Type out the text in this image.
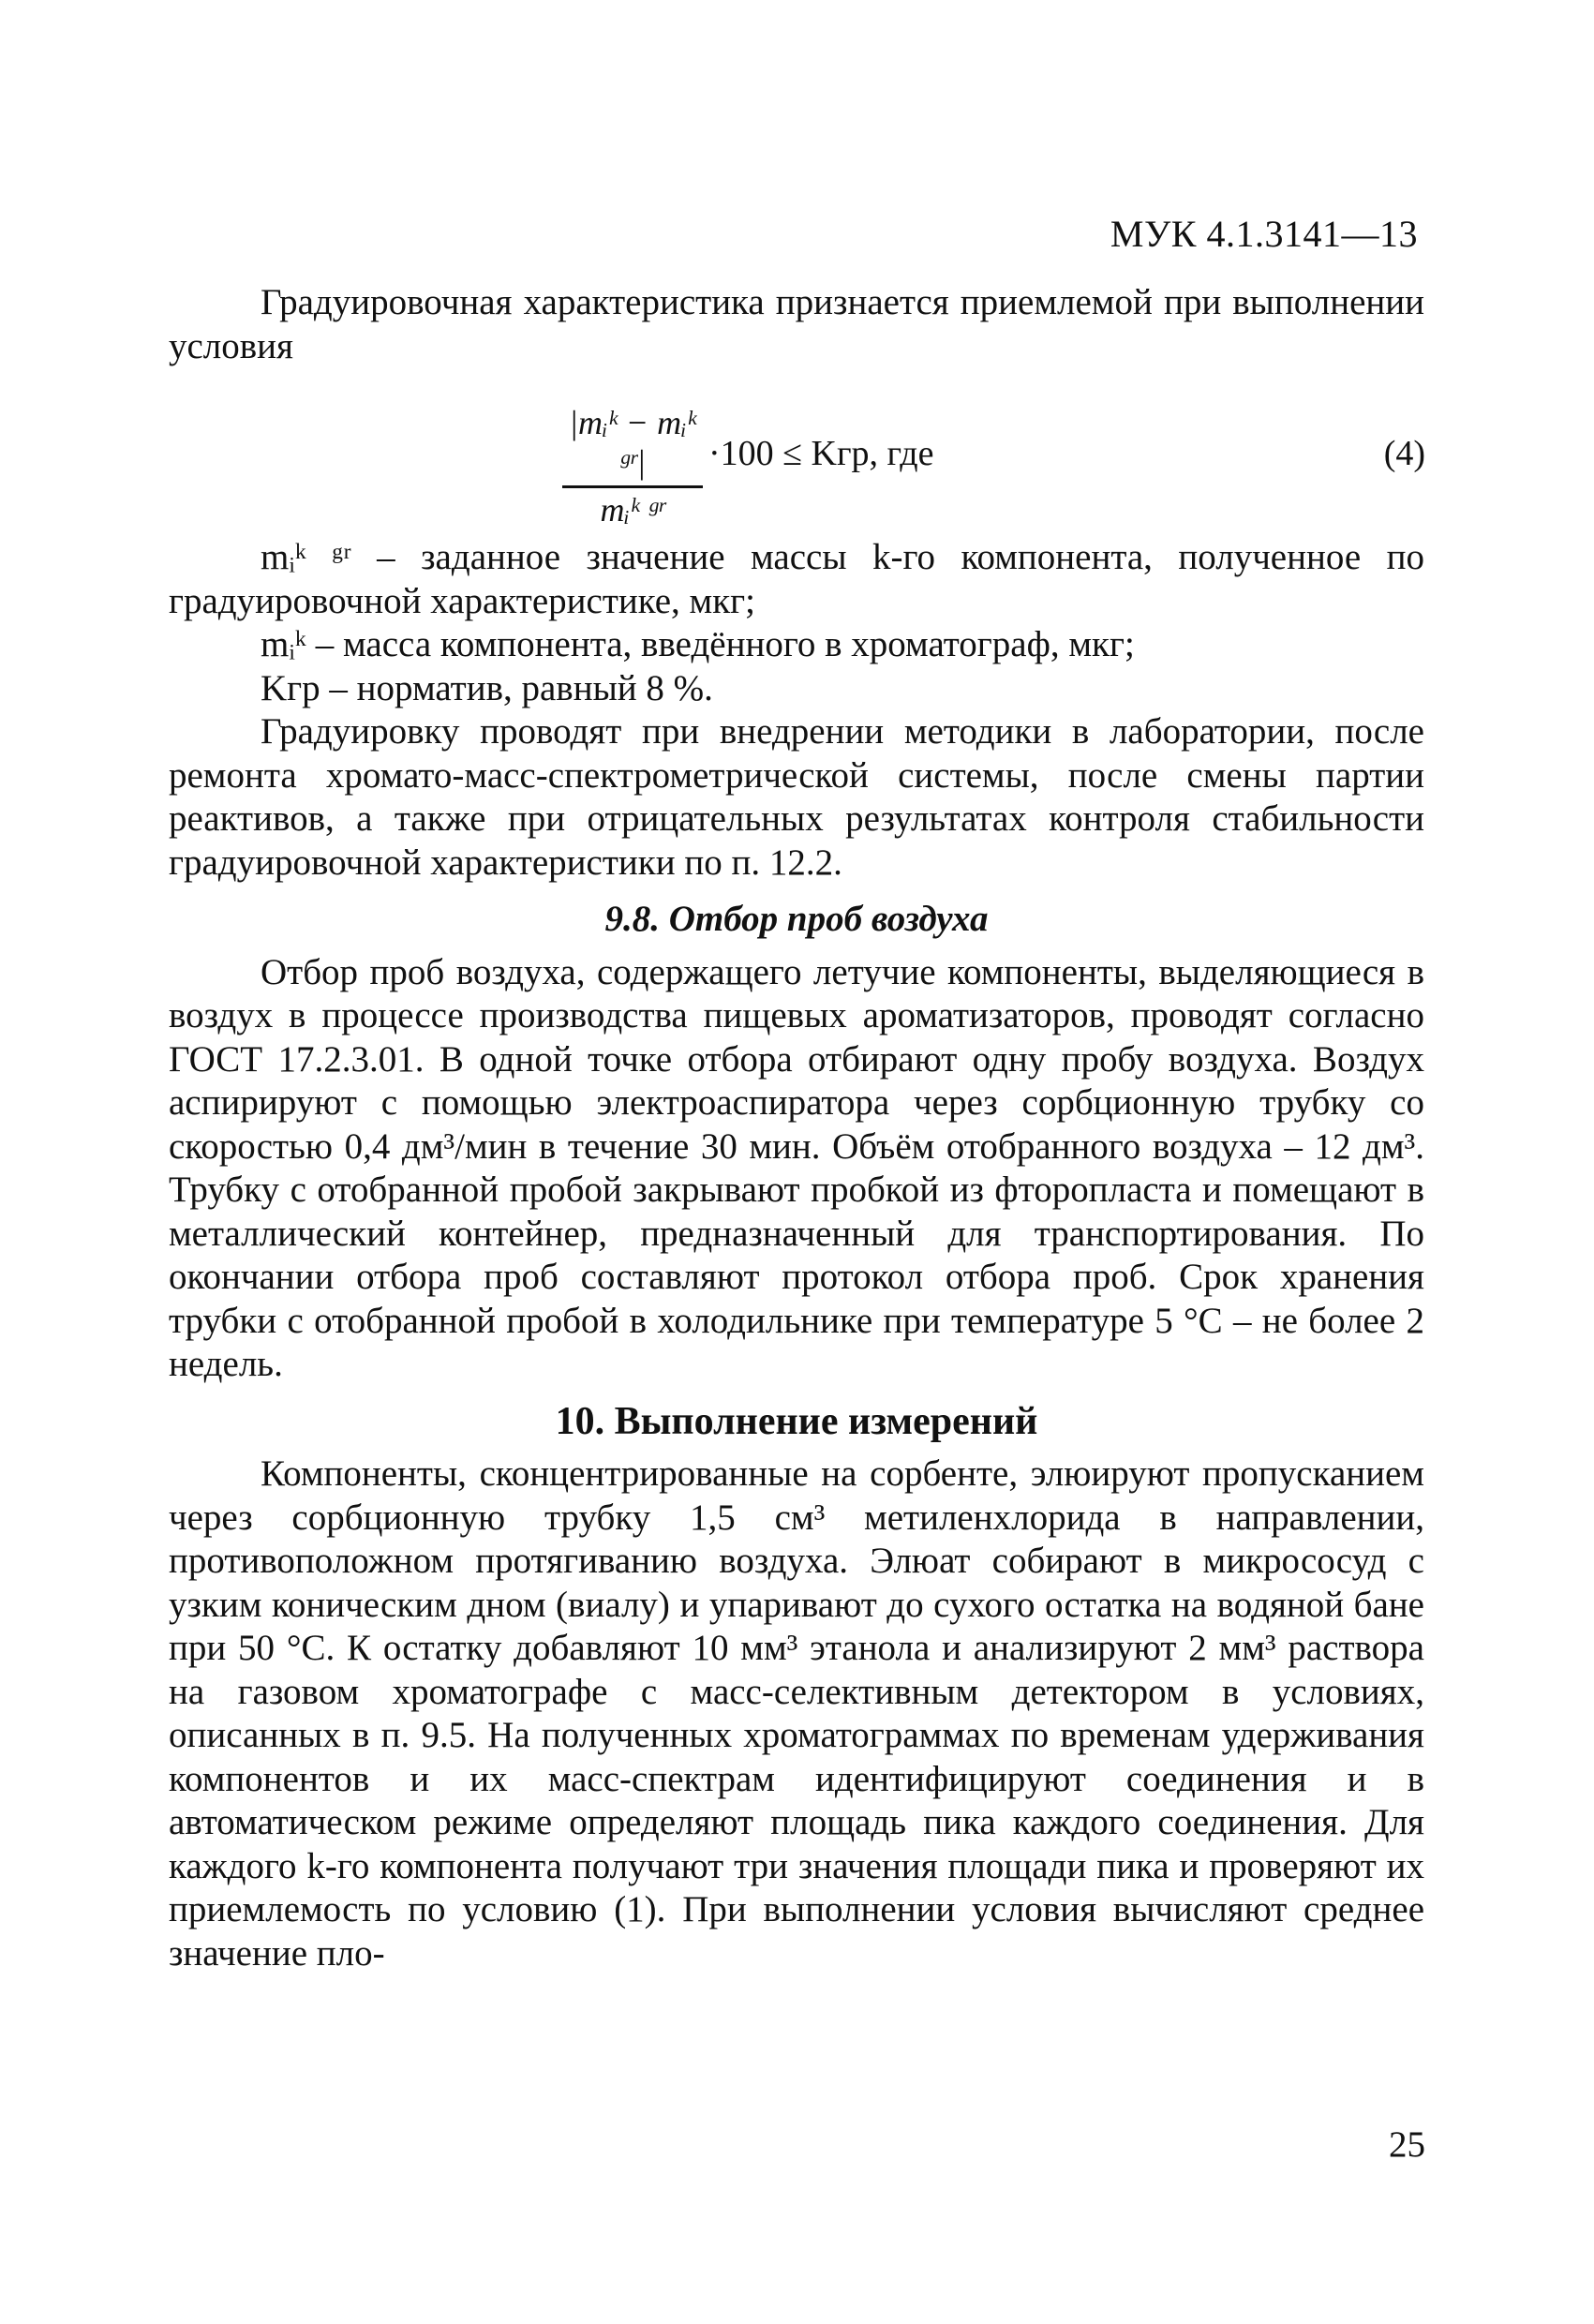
МУК 4.1.3141—13

Градуировочная характеристика признается приемлемой при выполнении условия

|mᵢᵏ − mᵢᵏ ᵍʳ|
mᵢᵏ ᵍʳ
·100 ≤ Kгр, где	(4)

mᵢᵏ ᵍʳ – заданное значение массы k-го компонента, полученное по градуировочной характеристике, мкг;

mᵢᵏ – масса компонента, введённого в хроматограф, мкг;

Kгр – норматив, равный 8 %.

Градуировку проводят при внедрении методики в лаборатории, после ремонта хромато-масс-спектрометрической системы, после смены партии реактивов, а также при отрицательных результатах контроля стабильности градуировочной характеристики по п. 12.2.

9.8. Отбор проб воздуха

Отбор проб воздуха, содержащего летучие компоненты, выделяющиеся в воздух в процессе производства пищевых ароматизаторов, проводят согласно ГОСТ 17.2.3.01. В одной точке отбора отбирают одну пробу воздуха. Воздух аспирируют с помощью электроаспиратора через сорбционную трубку со скоростью 0,4 дм³/мин в течение 30 мин. Объём отобранного воздуха – 12 дм³. Трубку с отобранной пробой закрывают пробкой из фторопласта и помещают в металлический контейнер, предназначенный для транспортирования. По окончании отбора проб составляют протокол отбора проб. Срок хранения трубки с отобранной пробой в холодильнике при температуре 5 °С – не более 2 недель.

10. Выполнение измерений

Компоненты, сконцентрированные на сорбенте, элюируют пропусканием через сорбционную трубку 1,5 см³ метиленхлорида в направлении, противоположном протягиванию воздуха. Элюат собирают в микрососуд с узким коническим дном (виалу) и упаривают до сухого остатка на водяной бане при 50 °С. К остатку добавляют 10 мм³ этанола и анализируют 2 мм³ раствора на газовом хроматографе с масс-селективным детектором в условиях, описанных в п. 9.5. На полученных хроматограммах по временам удерживания компонентов и их масс-спектрам идентифицируют соединения и в автоматическом режиме определяют площадь пика каждого соединения. Для каждого k-го компонента получают три значения площади пика и проверяют их приемлемость по условию (1). При выполнении условия вычисляют среднее значение пло-

25
